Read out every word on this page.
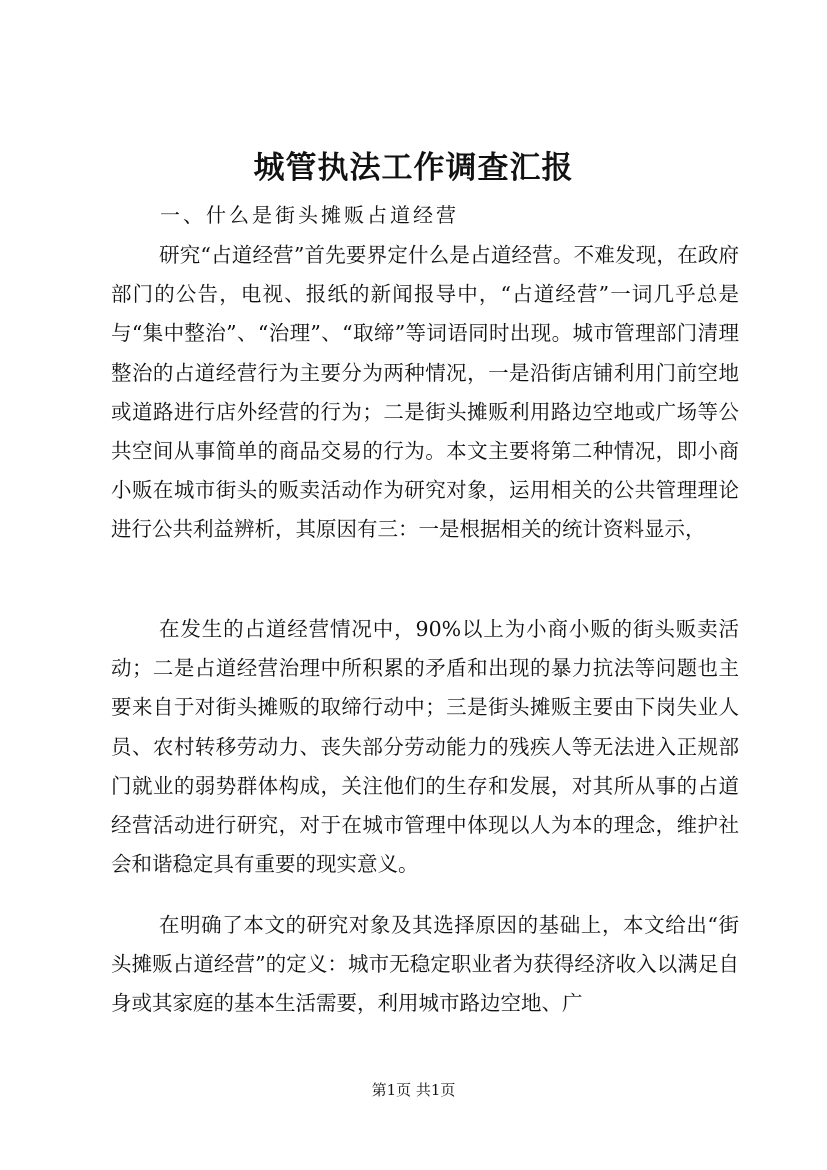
城管执法工作调查汇报
一、什么是街头摊贩占道经营

研究“占道经营”首先要界定什么是占道经营。不难发现，在政府部门的公告，电视、报纸的新闻报导中，“占道经营”一词几乎总是与“集中整治”、“治理”、“取缔”等词语同时出现。城市管理部门清理整治的占道经营行为主要分为两种情况，一是沿街店铺利用门前空地或道路进行店外经营的行为；二是街头摊贩利用路边空地或广场等公共空间从事简单的商品交易的行为。本文主要将第二种情况，即小商小贩在城市街头的贩卖活动作为研究对象，运用相关的公共管理理论进行公共利益辨析，其原因有三：一是根据相关的统计资料显示，

在发生的占道经营情况中，90%以上为小商小贩的街头贩卖活动；二是占道经营治理中所积累的矛盾和出现的暴力抗法等问题也主要来自于对街头摊贩的取缔行动中；三是街头摊贩主要由下岗失业人员、农村转移劳动力、丧失部分劳动能力的残疾人等无法进入正规部门就业的弱势群体构成，关注他们的生存和发展，对其所从事的占道经营活动进行研究，对于在城市管理中体现以人为本的理念，维护社会和谐稳定具有重要的现实意义。

在明确了本文的研究对象及其选择原因的基础上，本文给出“街头摊贩占道经营”的定义：城市无稳定职业者为获得经济收入以满足自身或其家庭的基本生活需要，利用城市路边空地、广

第1页 共1页
